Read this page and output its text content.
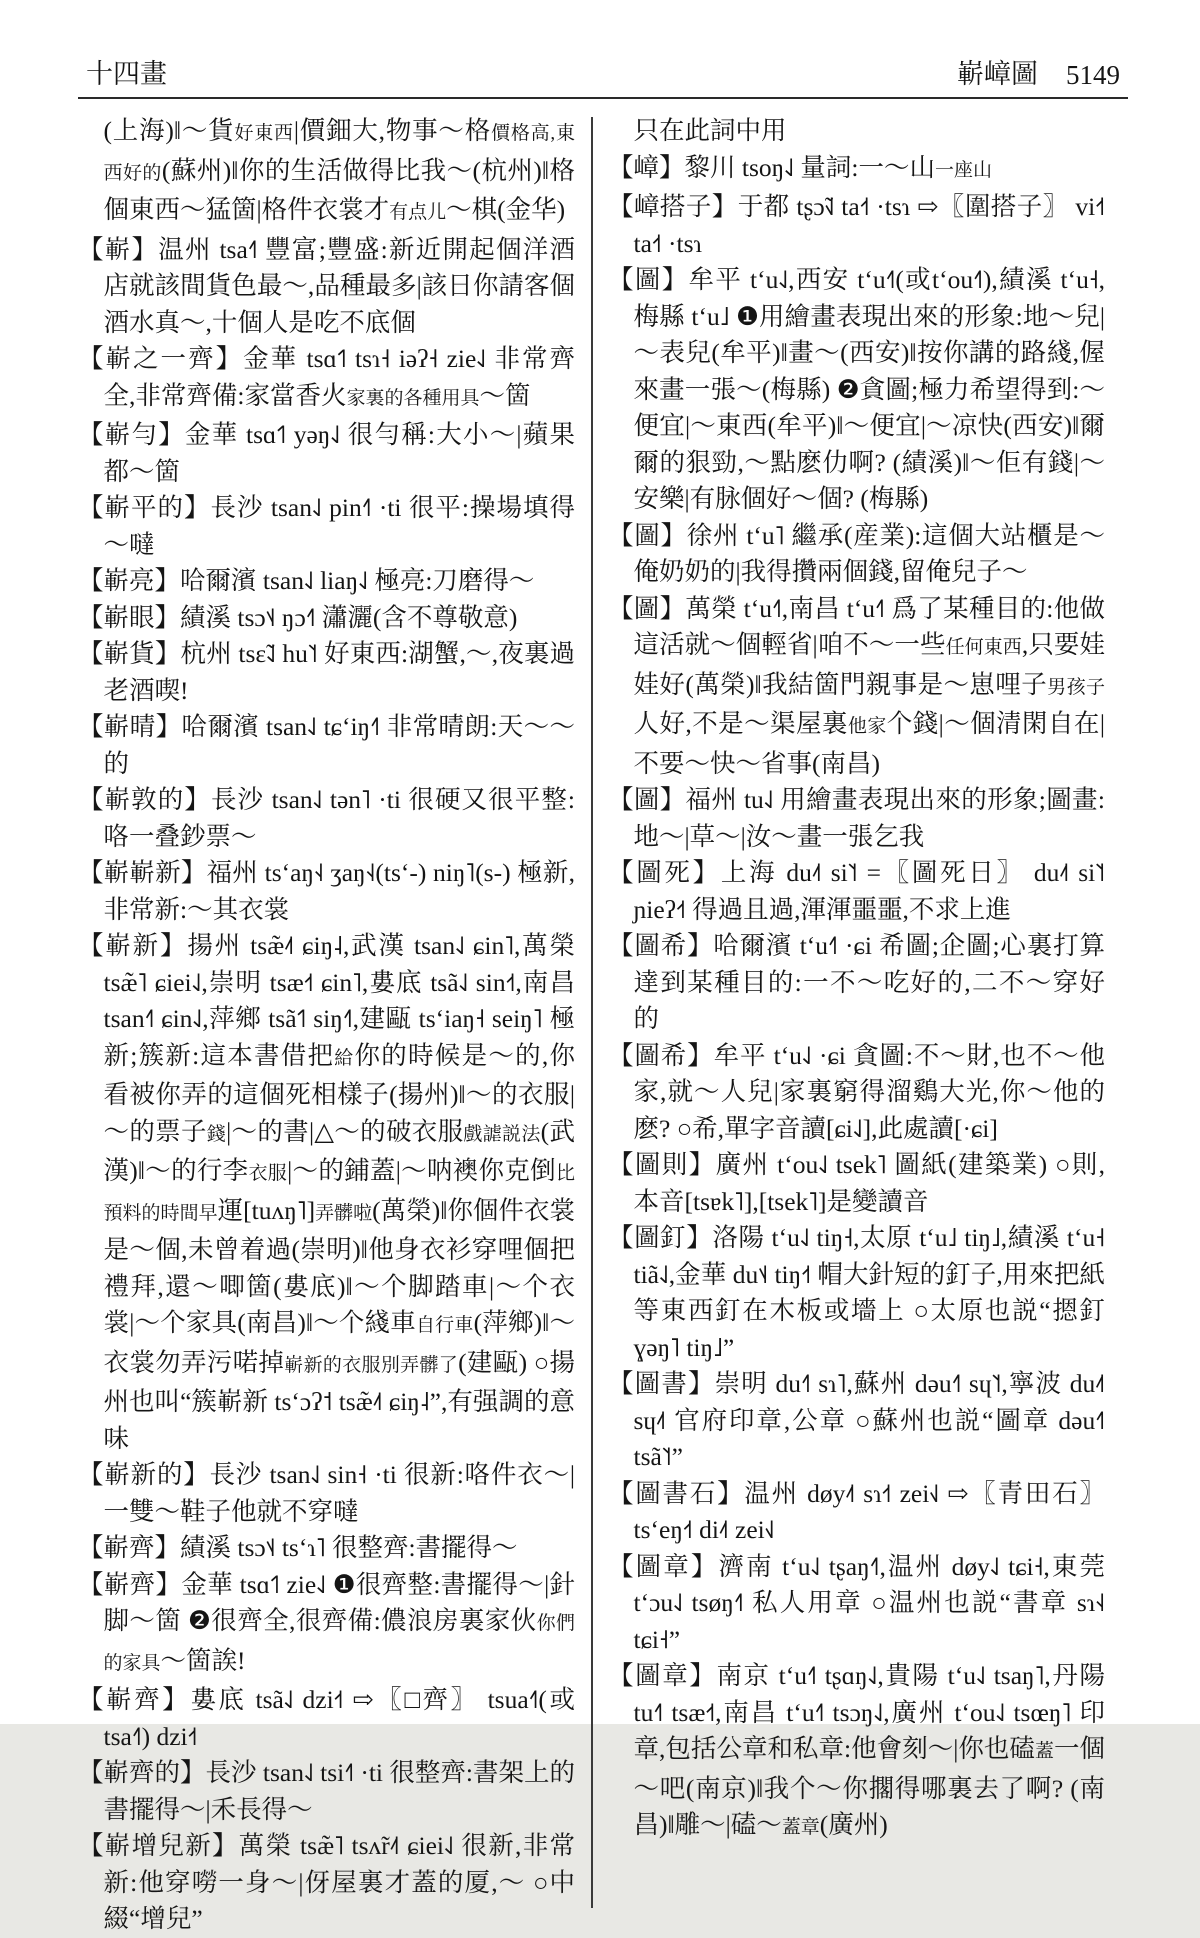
十四畫	嶄嶂圖 5149

(上海)‖～貨好東西|價鈿大,物事～格價格高,東西好的(蘇州)‖你的生活做得比我～(杭州)‖格個東西～猛箇|格件衣裳才有点儿～棋(金华)

【嶄】温州 tsa˧˥ 豐富;豐盛:新近開起個洋酒店就該間貨色最～,品種最多|該日你請客個酒水真～,十個人是吃不底個

【嶄之一齊】金華 tsɑ˦˥ tsɿ˧ iəʔ˧ zie˨˩ 非常齊全,非常齊備:家當香火家裏的各種用具～箇

【嶄勻】金華 tsɑ˦˥ yəŋ˨˩ 很勻稱:大小～|蘋果都～箇

【嶄平的】長沙 tsan˨˩ pin˧˥ ·ti 很平:操場填得～噠

【嶄亮】哈爾濱 tsan˨˩ liaŋ˨˩ 極亮:刀磨得～

【嶄眼】績溪 tsɔ˦˨ ŋɔ˧˥ 瀟灑(含不尊敬意)

【嶄貨】杭州 tsɛ̃˨˩ hu˥˦ 好東西:湖蟹,～,夜裏過老酒喫!

【嶄晴】哈爾濱 tsan˨˩ tɕʻiŋ˧˥ 非常晴朗:天～～的

【嶄敦的】長沙 tsan˨˩ tən˥ ·ti 很硬又很平整:咯一叠鈔票～

【嶄嶄新】福州 tsʻaŋ˧˨ ʒaŋ˧˨(tsʻ-) niŋ˥(s-) 極新,非常新:～其衣裳

【嶄新】揚州 tsæ̃˨˦ ɕiŋ˨,武漢 tsan˨˩ ɕin˥,萬榮 tsæ̃˥ ɕiei˨˩,崇明 tsæ˧˦ ɕin˥,婁底 tsã˨˩ sin˧˦,南昌 tsan˧˥ ɕin˨˩,萍鄉 tsã˦˥ siŋ˧˥,建甌 tsʻiaŋ˧ seiŋ˥ 極新;簇新:這本書借把給你的時候是～的,你看被你弄的這個死相樣子(揚州)‖～的衣服|～的票子錢|～的書|△～的破衣服戲謔説法(武漢)‖～的行李衣服|～的鋪蓋|～呐襖你克倒比預料的時間早運[tuʌŋ˥]弄髒啦(萬榮)‖你個件衣裳是～個,未曾着過(崇明)‖他身衣衫穿哩個把禮拜,還～唧箇(婁底)‖～个脚踏車|～个衣裳|～个家具(南昌)‖～个綫車自行車(萍鄉)‖～衣裳勿弄污喏掉嶄新的衣服別弄髒了(建甌) ○揚州也叫“簇嶄新 tsʻɔʔ˦ tsæ̃˨˦ ɕiŋ˨”,有强調的意味

【嶄新的】長沙 tsan˨˩ sin˧ ·ti 很新:咯件衣～|一雙～鞋子他就不穿噠

【嶄齊】績溪 tsɔ˦˨ tsʻɿ˥ 很整齊:書擺得～

【嶄齊】金華 tsɑ˦˥ zie˨˩ ❶很齊整:書擺得～|針脚～箇 ❷很齊全,很齊備:儂浪房裏家伙你們的家具～箇誒!

【嶄齊】婁底 tsã˨˩ dzi˧˦ ⇨〖□齊〗 tsua˧˥(或tsa˧˥) dzi˧˦

【嶄齊的】長沙 tsan˨˩ tsi˧˥ ·ti 很整齊:書架上的書擺得～|禾長得～

【嶄增兒新】萬榮 tsæ̃˥ tsʌ̃r˨˦ ɕiei˨˩ 很新,非常新:他穿嘮一身～|伢屋裏才蓋的厦,～ ○中綴“增兒”

只在此詞中用

【嶂】黎川 tsoŋ˨˩ 量詞:一～山一座山

【嶂搭子】于都 tʂɔ̃˧˩ ta˧˦ ·tsɿ ⇨〖圍搭子〗 vi˧˦ ta˧˦ ·tsɿ

【圖】牟平 tʻu˨˩,西安 tʻu˧˥(或tʻou˧˥),績溪 tʻu˧,梅縣 tʻu˩ ❶用繪畫表現出來的形象:地～兒|～表兒(牟平)‖畫～(西安)‖按你講的路綫,偓來畫一張～(梅縣) ❷貪圖;極力希望得到:～便宜|～東西(牟平)‖～便宜|～凉快(西安)‖爾爾的狠勁,～點麽仂啊? (績溪)‖～佢有錢|～安樂|有脉個好～個? (梅縣)

【圖】徐州 tʻu˥ 繼承(産業):這個大站櫃是～俺奶奶的|我得攢兩個錢,留俺兒子～

【圖】萬榮 tʻu˧˥,南昌 tʻu˧˥ 爲了某種目的:他做這活就～個輕省|咱不～一些任何東西,只要娃娃好(萬榮)‖我結箇門親事是～崽哩子男孩子人好,不是～渠屋裏他家个錢|～個清閑自在|不要～快～省事(南昌)

【圖】福州 tu˨˩ 用繪畫表現出來的形象;圖畫:地～|草～|汝～畫一張乞我

【圖死】上海 du˨˦ si˥˦ =〖圖死日〗 du˨˦ si˥˦ ɲieʔ˧˦ 得過且過,渾渾噩噩,不求上進

【圖希】哈爾濱 tʻu˧˥ ·ɕi 希圖;企圖;心裏打算達到某種目的:一不～吃好的,二不～穿好的

【圖希】牟平 tʻu˨˩ ·ɕi 貪圖:不～財,也不～他家,就～人兒|家裏窮得溜鷄大光,你～他的麽? ○希,單字音讀[ɕi˨˩],此處讀[·ɕi]

【圖則】廣州 tʻou˨˩ tsek˥ 圖紙(建築業) ○則,本音[tsɐk˥],[tsek˥]是變讀音

【圖釘】洛陽 tʻu˨˩ tiŋ˧,太原 tʻu˩ tiŋ˩,績溪 tʻu˧ tiã˨˩,金華 du˦˨ tiŋ˧˦ 帽大針短的釘子,用來把紙等東西釘在木板或墻上 ○太原也説“摁釘 ɣəŋ˥ tiŋ˩”

【圖書】崇明 du˧˥ sɿ˥,蘇州 dəu˧˥ sɥ˥˦,寧波 du˨˦ sɥ˨˦ 官府印章,公章 ○蘇州也説“圖章 dəu˧˥ tsã˥˦”

【圖書石】温州 døy˨˦ sɿ˧˦ zei˧˩ ⇨〖青田石〗 tsʻeŋ˧˦ di˨˦ zei˧˩

【圖章】濟南 tʻu˨˩ tʂaŋ˧˥,温州 døy˨˩ tɕi˧,東莞 tʻɔu˨˩ tsøŋ˧˥ 私人用章 ○温州也説“書章 sɿ˧˨ tɕi˧”

【圖章】南京 tʻu˧˥ tʂɑŋ˨˩,貴陽 tʻu˨˩ tsaŋ˥,丹陽 tu˧˥ tsæ˧˦,南昌 tʻu˧˥ tsɔŋ˨˩,廣州 tʻou˨˩ tsœŋ˥ 印章,包括公章和私章:他會刻～|你也磕蓋一個～吧(南京)‖我个～你擱得哪裏去了啊? (南昌)‖雕～|磕～蓋章(廣州)
